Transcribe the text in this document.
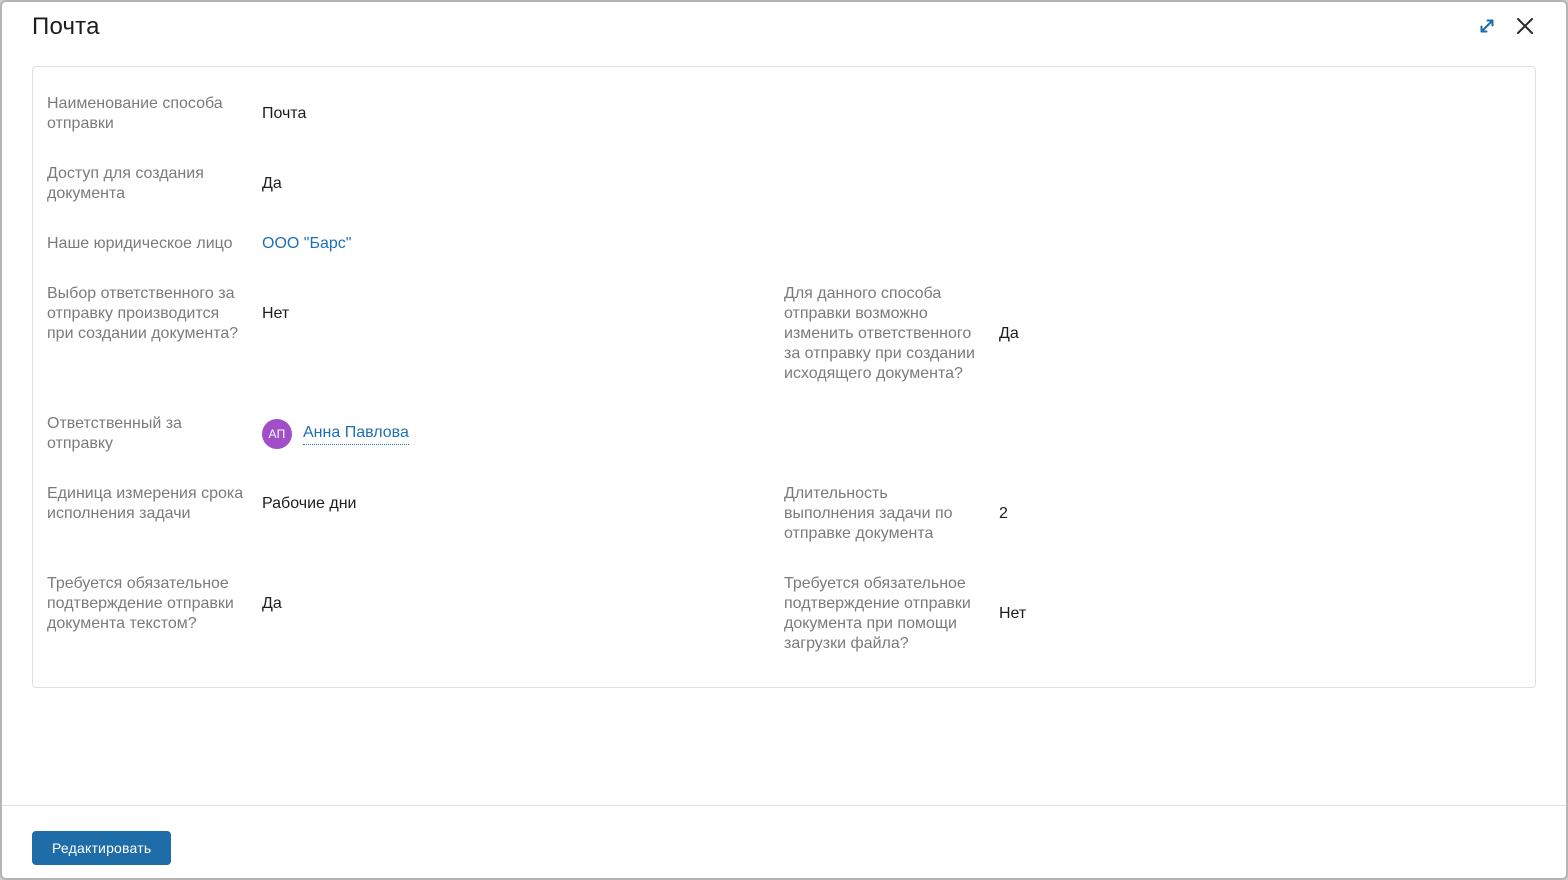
Почта
Наименование способа отправки
Почта
Доступ для создания документа
Да
Наше юридическое лицо	ООО "Барс"
Выбор ответственного за отправку производится при создании документа?
Нет
Для данного способа отправки возможно изменить ответственного за отправку при создании исходящего документа?
Да
Ответственный за отправку
АП	Анна Павлова
Единица измерения срока исполнения задачи
Рабочие дни
Длительность выполнения задачи по отправке документа
2
Требуется обязательное подтверждение отправки документа текстом?
Да
Требуется обязательное подтверждение отправки документа при помощи загрузки файла?
Нет
Редактировать
